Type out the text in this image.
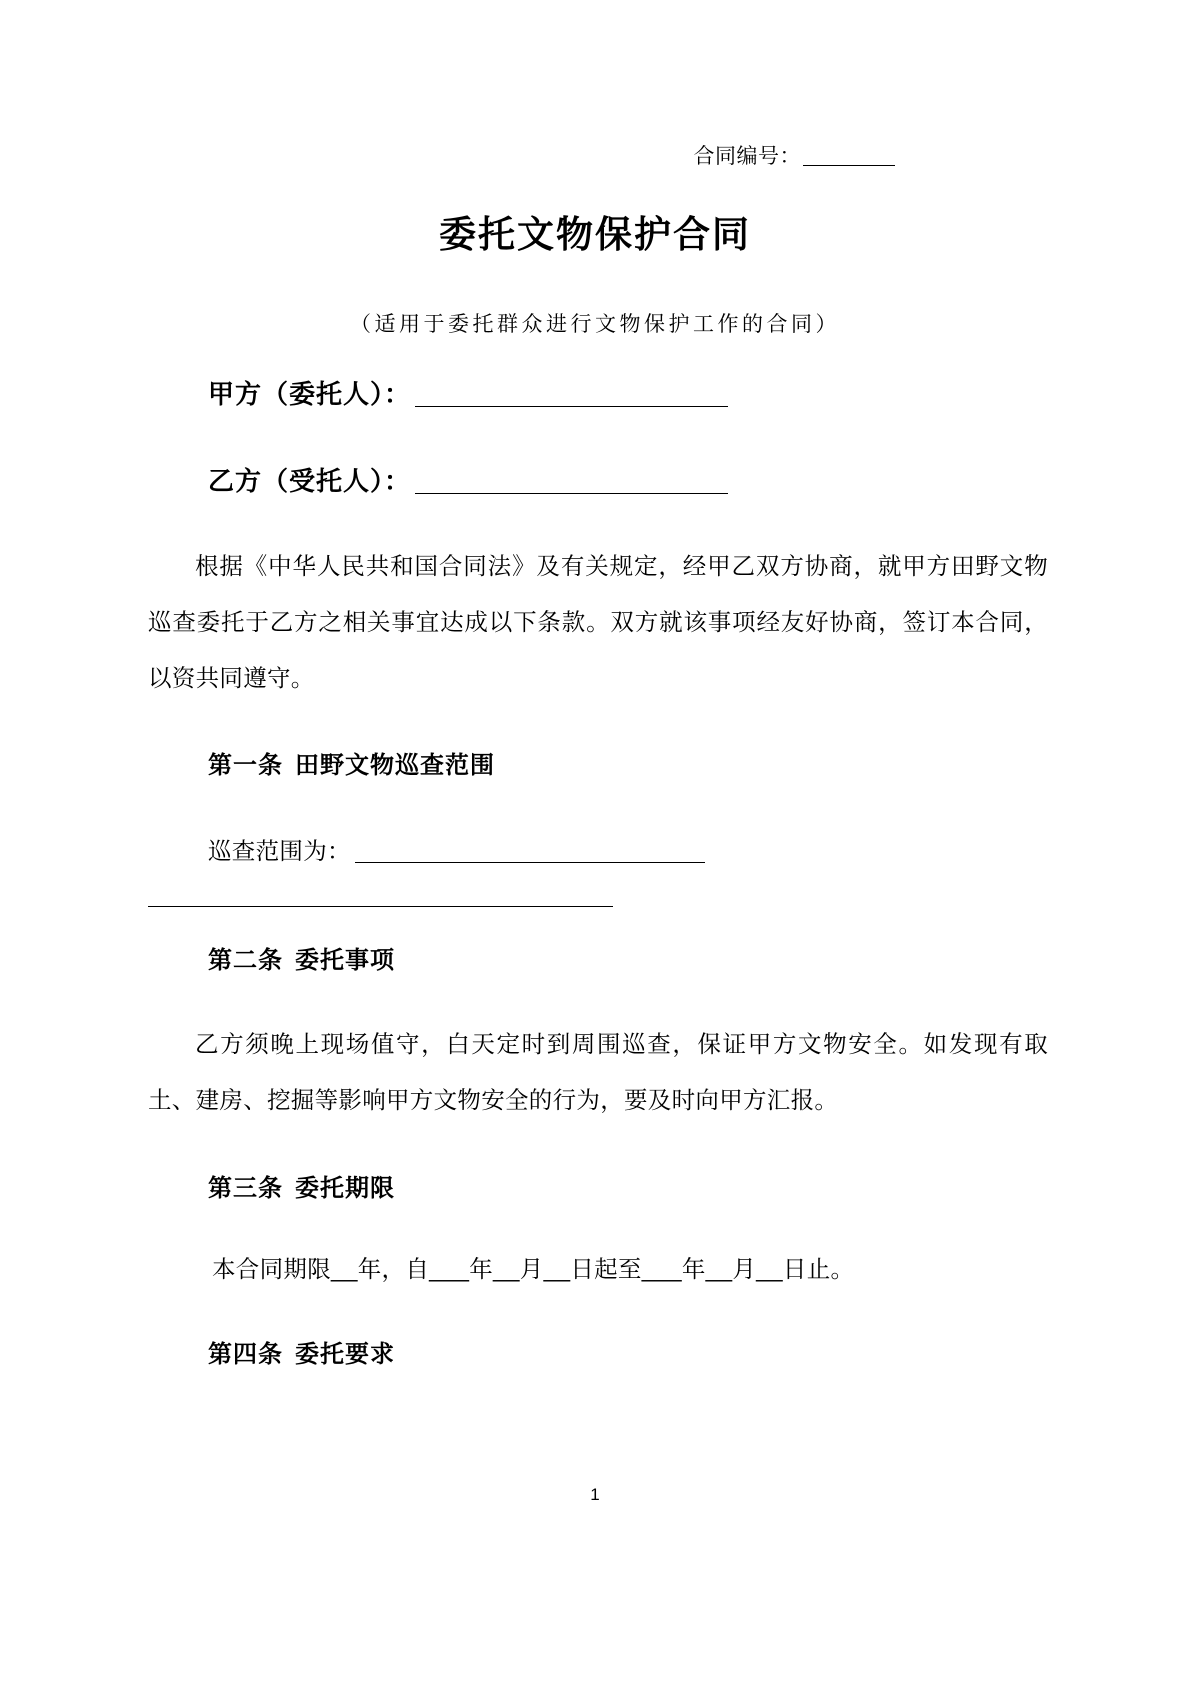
合同编号：
委托文物保护合同
（适用于委托群众进行文物保护工作的合同）
甲方（委托人）：
乙方（受托人）：
根据《中华人民共和国合同法》及有关规定，经甲乙双方协商，就甲方田野文物巡查委托于乙方之相关事宜达成以下条款。双方就该事项经友好协商，签订本合同，以资共同遵守。
第一条 田野文物巡查范围
巡查范围为：
第二条 委托事项
乙方须晚上现场值守，白天定时到周围巡查，保证甲方文物安全。如发现有取土、建房、挖掘等影响甲方文物安全的行为，要及时向甲方汇报。
第三条 委托期限
本合同期限__年，自___年__月__日起至___年__月__日止。
第四条 委托要求
1
